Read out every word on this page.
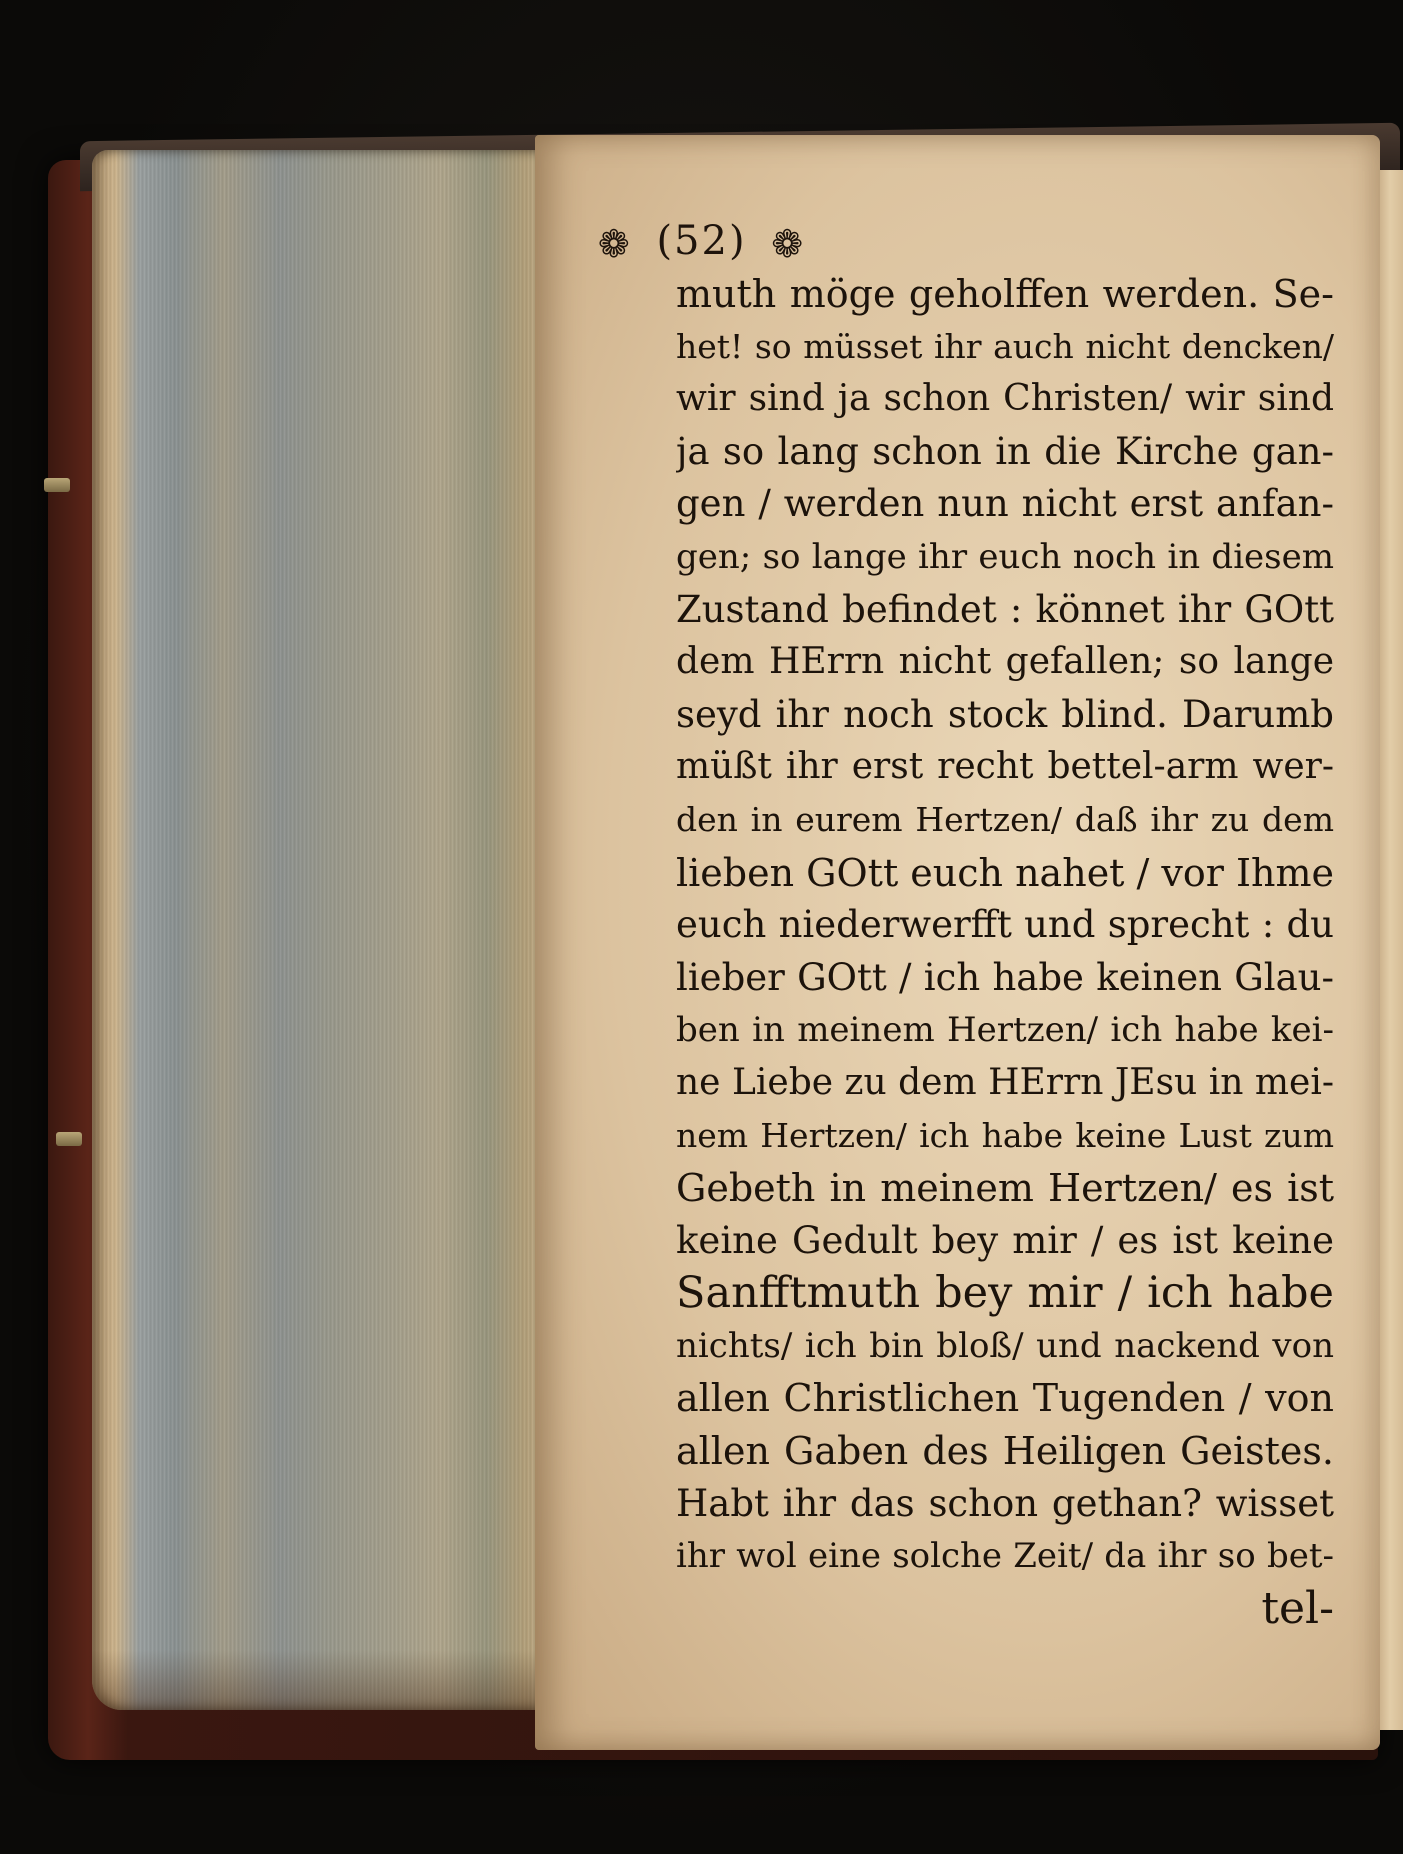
❁ (52) ❁
muth möge geholffen werden. Se-
het! so müsset ihr auch nicht dencken/
wir sind ja schon Christen/ wir sind
ja so lang schon in die Kirche gan-
gen / werden nun nicht erst anfan-
gen; so lange ihr euch noch in diesem
Zustand befindet : könnet ihr GOtt
dem HErrn nicht gefallen; so lange
seyd ihr noch stock blind. Darumb
müßt ihr erst recht bettel-arm wer-
den in eurem Hertzen/ daß ihr zu dem
lieben GOtt euch nahet / vor Ihme
euch niederwerfft und sprecht : du
lieber GOtt / ich habe keinen Glau-
ben in meinem Hertzen/ ich habe kei-
ne Liebe zu dem HErrn JEsu in mei-
nem Hertzen/ ich habe keine Lust zum
Gebeth in meinem Hertzen/ es ist
keine Gedult bey mir / es ist keine
Sanfftmuth bey mir / ich habe
nichts/ ich bin bloß/ und nackend von
allen Christlichen Tugenden / von
allen Gaben des Heiligen Geistes.
Habt ihr das schon gethan? wisset
ihr wol eine solche Zeit/ da ihr so bet-
tel-
